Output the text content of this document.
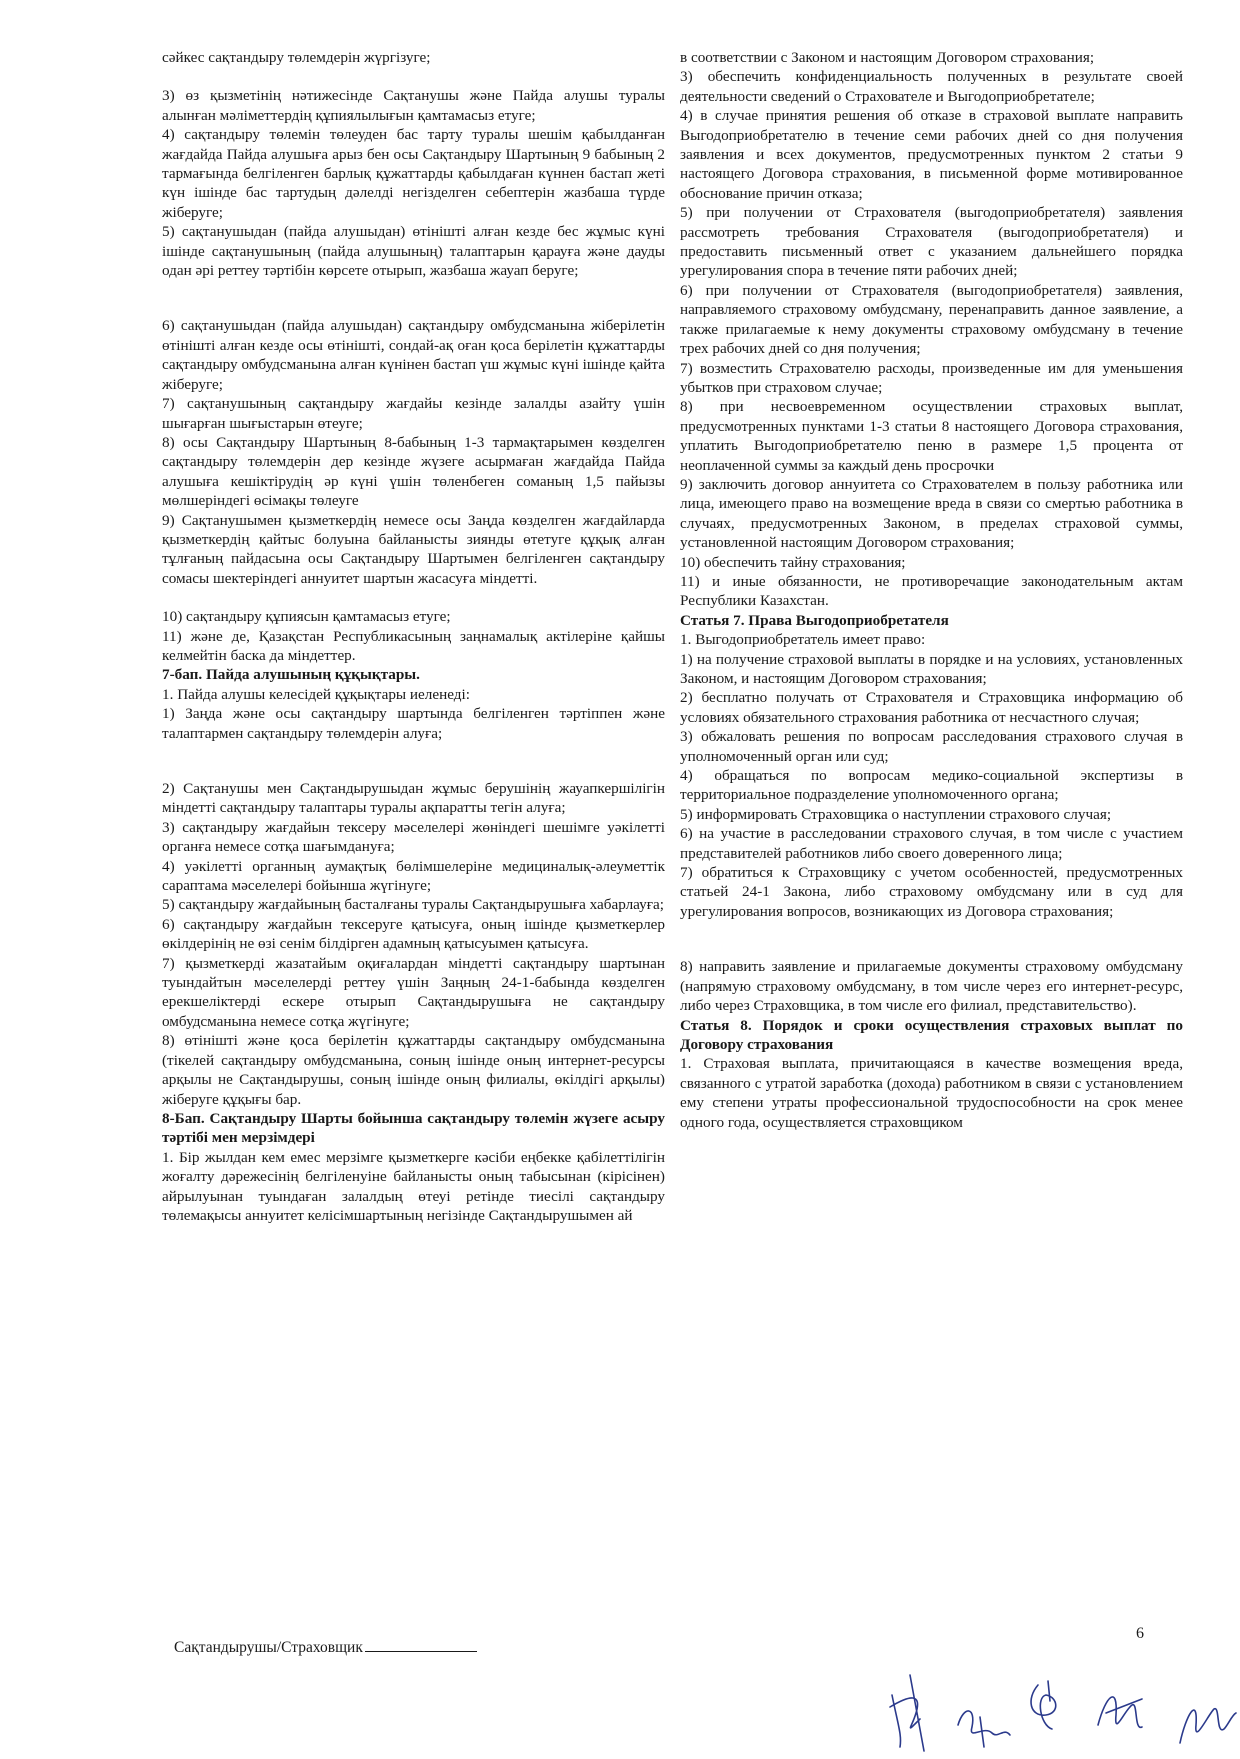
сәйкес сақтандыру төлемдерін жүргізуге;

3) өз қызметінің нәтижесінде Сақтанушы және Пайда алушы туралы алынған мәліметтердің құпиялылығын қамтамасыз етуге;

4) сақтандыру төлемін төлеуден бас тарту туралы шешім қабылданған жағдайда Пайда алушыға арыз бен осы Сақтандыру Шартының 9 бабының 2 тармағында белгіленген барлық құжаттарды қабылдаған күннен бастап жеті күн ішінде бас тартудың дәлелді негізделген себептерін жазбаша түрде жіберуге;

5) сақтанушыдан (пайда алушыдан) өтінішті алған кезде бес жұмыс күні ішінде сақтанушының (пайда алушының) талаптарын қарауға және дауды одан әрі реттеу тәртібін көрсете отырып, жазбаша жауап беруге;

6) сақтанушыдан (пайда алушыдан) сақтандыру омбудсманына жіберілетін өтінішті алған кезде осы өтінішті, сондай-ақ оған қоса берілетін құжаттарды сақтандыру омбудсманына алған күнінен бастап үш жұмыс күні ішінде қайта жіберуге;

7) сақтанушының сақтандыру жағдайы кезінде залалды азайту үшін шығарған шығыстарын өтеуге;

8) осы Сақтандыру Шартының 8-бабының 1-3 тармақтарымен көзделген сақтандыру төлемдерін дер кезінде жүзеге асырмаған жағдайда Пайда алушыға кешіктірудің әр күні үшін төленбеген соманың 1,5 пайызы мөлшеріндегі өсімақы төлеуге

9) Сақтанушымен қызметкердің немесе осы Заңда көзделген жағдайларда қызметкердің қайтыс болуына байланысты зиянды өтетуге құқық алған тұлғаның пайдасына осы Сақтандыру Шартымен белгіленген сақтандыру сомасы шектеріндегі аннуитет шартын жасасуға міндетті.

10) сақтандыру құпиясын қамтамасыз етуге;

11) және де, Қазақстан Республикасының заңнамалық актілеріне қайшы келмейтін баска да міндеттер.

7-бап. Пайда алушының құқықтары.

1. Пайда алушы келесідей құқықтары иеленеді:

1) Заңда және осы сақтандыру шартында белгіленген тәртіппен және талаптармен сақтандыру төлемдерін алуға;

2) Сақтанушы мен Сақтандырушыдан жұмыс берушінің жауапкершілігін міндетті сақтандыру талаптары туралы ақпаратты тегін алуға;

3) сақтандыру жағдайын тексеру мәселелері жөніндегі шешімге уәкілетті органға немесе сотқа шағымдануға;

4) уәкілетті органның аумақтық бөлімшелеріне медициналық-әлеуметтік сараптама мәселелері бойынша жүгінуге;

5) сақтандыру жағдайының басталғаны туралы Сақтандырушыға хабарлауға;

6) сақтандыру жағдайын тексеруге қатысуға, оның ішінде қызметкерлер өкілдерінің не өзі сенім білдірген адамның қатысуымен қатысуға.

7) қызметкерді жазатайым оқиғалардан міндетті сақтандыру шартынан туындайтын мәселелерді реттеу үшін Заңның 24-1-бабында көзделген ерекшеліктерді ескере отырып Сақтандырушыға не сақтандыру омбудсманына немесе сотқа жүгінуге;

8) өтінішті және қоса берілетін құжаттарды сақтандыру омбудсманына (тікелей сақтандыру омбудсманына, соның ішінде оның интернет-ресурсы арқылы не Сақтандырушы, соның ішінде оның филиалы, өкілдігі арқылы) жіберуге құқығы бар.

8-Бап. Сақтандыру Шарты бойынша сақтандыру төлемін жүзеге асыру тәртібі мен мерзімдері

1. Бір жылдан кем емес мерзімге қызметкерге кәсіби еңбекке қабілеттілігін жоғалту дәрежесінің белгіленуіне байланысты оның табысынан (кірісінен) айрылуынан туындаған залалдың өтеуі ретінде тиесілі сақтандыру төлемақысы аннуитет келісімшартының негізінде Сақтандырушымен ай

в соответствии с Законом и настоящим Договором страхования;

3) обеспечить конфиденциальность полученных в результате своей деятельности сведений о Страхователе и Выгодоприобретателе;

4) в случае принятия решения об отказе в страховой выплате направить Выгодоприобретателю в течение семи рабочих дней со дня получения заявления и всех документов, предусмотренных пунктом 2 статьи 9 настоящего Договора страхования, в письменной форме мотивированное обоснование причин отказа;

5) при получении от Страхователя (выгодоприобретателя) заявления рассмотреть требования Страхователя (выгодоприобретателя) и предоставить письменный ответ с указанием дальнейшего порядка урегулирования спора в течение пяти рабочих дней;

6) при получении от Страхователя (выгодоприобретателя) заявления, направляемого страховому омбудсману, перенаправить данное заявление, а также прилагаемые к нему документы страховому омбудсману в течение трех рабочих дней со дня получения;

7) возместить Страхователю расходы, произведенные им для уменьшения убытков при страховом случае;

8) при несвоевременном осуществлении страховых выплат, предусмотренных пунктами 1-3 статьи 8 настоящего Договора страхования, уплатить Выгодоприобретателю пеню в размере 1,5 процента от неоплаченной суммы за каждый день просрочки

9) заключить договор аннуитета со Страхователем в пользу работника или лица, имеющего право на возмещение вреда в связи со смертью работника в случаях, предусмотренных Законом, в пределах страховой суммы, установленной настоящим Договором страхования;

10) обеспечить тайну страхования;

11) и иные обязанности, не противоречащие законодательным актам Республики Казахстан.

Статья 7. Права Выгодоприобретателя

1. Выгодоприобретатель имеет право:

1) на получение страховой выплаты в порядке и на условиях, установленных Законом, и настоящим Договором страхования;

2) бесплатно получать от Страхователя и Страховщика информацию об условиях обязательного страхования работника от несчастного случая;

3) обжаловать решения по вопросам расследования страхового случая в уполномоченный орган или суд;

4) обращаться по вопросам медико-социальной экспертизы в территориальное подразделение уполномоченного органа;

5) информировать Страховщика о наступлении страхового случая;

6) на участие в расследовании страхового случая, в том числе с участием представителей работников либо своего доверенного лица;

7) обратиться к Страховщику с учетом особенностей, предусмотренных статьей 24-1 Закона, либо страховому омбудсману или в суд для урегулирования вопросов, возникающих из Договора страхования;

8) направить заявление и прилагаемые документы страховому омбудсману (напрямую страховому омбудсману, в том числе через его интернет-ресурс, либо через Страховщика, в том числе его филиал, представительство).

Статья 8. Порядок и сроки осуществления страховых выплат по Договору страхования

1. Страховая выплата, причитающаяся в качестве возмещения вреда, связанного с утратой заработка (дохода) работником в связи с установлением ему степени утраты профессиональной трудоспособности на срок менее одного года, осуществляется страховщиком

Сақтандырушы/Страховщик
6
